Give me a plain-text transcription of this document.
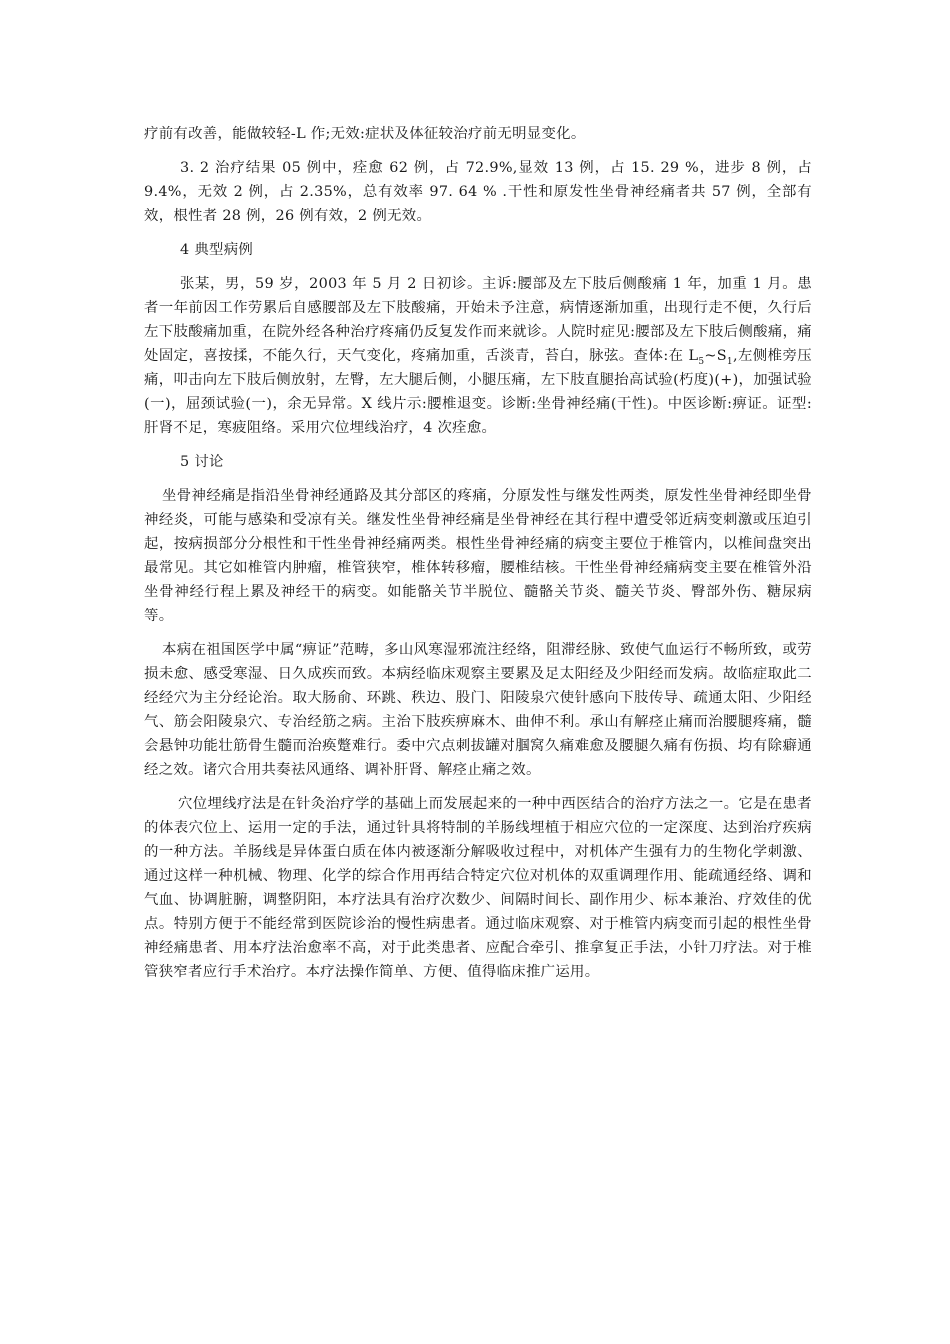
疗前有改善，能做较轻-L 作;无效:症状及体征较治疗前无明显变化。

3. 2 治疗结果 05 例中，痊愈 62 例，占 72.9%,显效 13 例，占 15. 29 %，进步 8 例，占 9.4%，无效 2 例，占 2.35%，总有效率 97. 64 % .干性和原发性坐骨神经痛者共 57 例，全部有效，根性者 28 例，26 例有效，2 例无效。

4 典型病例

张某，男，59 岁，2003 年 5 月 2 日初诊。主诉:腰部及左下肢后侧酸痛 1 年，加重 1 月。患者一年前因工作劳累后自感腰部及左下肢酸痛，开始未予注意，病情逐渐加重，出现行走不便，久行后左下肢酸痛加重，在院外经各种治疗疼痛仍反复发作而来就诊。人院时症见:腰部及左下肢后侧酸痛，痛处固定，喜按揉，不能久行，天气变化，疼痛加重，舌淡青，苔白，脉弦。查体:在 $L_5\sim S_1$,左侧椎旁压痛，叩击向左下肢后侧放射，左臀，左大腿后侧，小腿压痛，左下肢直腿抬高试验(朽度)(+)，加强试验(一)，屈颈试验(一)，余无异常。X 线片示:腰椎退变。诊断:坐骨神经痛(干性)。中医诊断:痹证。证型:肝肾不足，寒疲阻络。采用穴位埋线治疗，4 次痊愈。

5 讨论

坐骨神经痛是指沿坐骨神经通路及其分部区的疼痛，分原发性与继发性两类，原发性坐骨神经即坐骨神经炎，可能与感染和受凉有关。继发性坐骨神经痛是坐骨神经在其行程中遭受邻近病变刺激或压迫引起，按病损部分分根性和干性坐骨神经痛两类。根性坐骨神经痛的病变主要位于椎管内，以椎间盘突出最常见。其它如椎管内肿瘤，椎管狭窄，椎体转移瘤，腰椎结核。干性坐骨神经痛病变主要在椎管外沿坐骨神经行程上累及神经干的病变。如能骼关节半脱位、髓骼关节炎、髓关节炎、臀部外伤、糖尿病等。

本病在祖国医学中属“痹证”范畴，多山风寒湿邪流注经络，阻滞经脉、致使气血运行不畅所致，或劳损未愈、感受寒湿、日久成疾而致。本病经临床观察主要累及足太阳经及少阳经而发病。故临症取此二经经穴为主分经论治。取大肠俞、环跳、秩边、股门、阳陵泉穴使针感向下肢传导、疏通太阳、少阳经气、筋会阳陵泉穴、专治经筋之病。主治下肢疾痹麻木、曲伸不利。承山有解痉止痛而治腰腿疼痛，髓会悬钟功能壮筋骨生髓而治痪蹩难行。委中穴点刺拔罐对腘窝久痛难愈及腰腿久痛有伤损、均有除癖通经之效。诸穴合用共奏祛风通络、调补肝肾、解痉止痛之效。

穴位埋线疗法是在针灸治疗学的基础上而发展起来的一种中西医结合的治疗方法之一。它是在患者的体表穴位上、运用一定的手法，通过针具将特制的羊肠线埋植于相应穴位的一定深度、达到治疗疾病的一种方法。羊肠线是异体蛋白质在体内被逐渐分解吸收过程中，对机体产生强有力的生物化学刺激、通过这样一种机械、物理、化学的综合作用再结合特定穴位对机体的双重调理作用、能疏通经络、调和气血、协调脏腑，调整阴阳，本疗法具有治疗次数少、间隔时间长、副作用少、标本兼治、疗效佳的优点。特别方便于不能经常到医院诊治的慢性病患者。通过临床观察、对于椎管内病变而引起的根性坐骨神经痛患者、用本疗法治愈率不高，对于此类患者、应配合牵引、推拿复正手法，小针刀疗法。对于椎管狭窄者应行手术治疗。本疗法操作简单、方便、值得临床推广运用。
